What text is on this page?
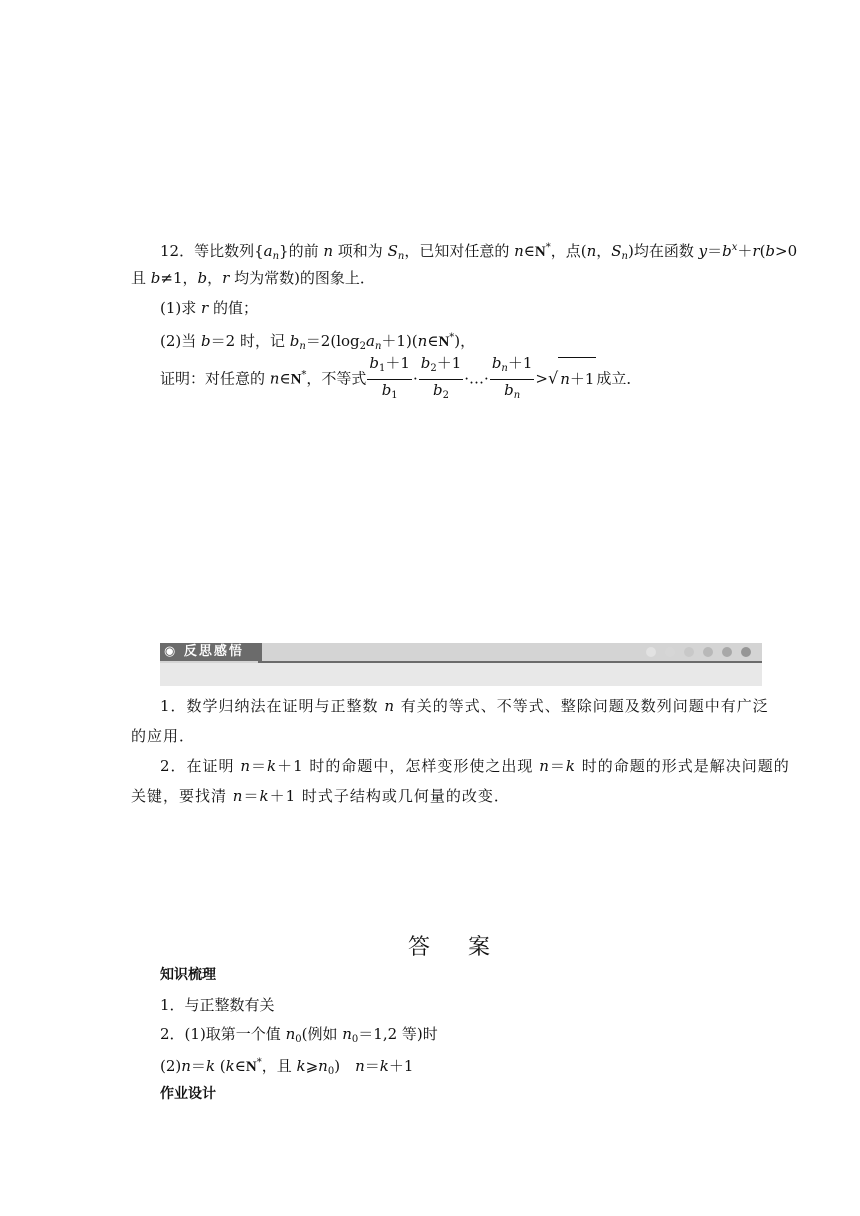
12．等比数列$\{a_n\}$的前 n 项和为 $S_n$，已知对任意的 n∈N*，点(n，$S_n$)均在函数 $y=b^x+r(b>0$
且 b≠1，b，r 均为常数)的图象上．
(1)求 r 的值；
(2)当 b＝2 时，记 $b_n=2(\log_2a_n+1)(n\in N^*)$，
证明：对任意的 n∈N*，不等式 $\frac{b_1+1}{b_1} \cdot \frac{b_2+1}{b_2}$ ·…· $\frac{b_n+1}{b_n}$ >√ n＋1 成立．
◉ 反思感悟
1．数学归纳法在证明与正整数 n 有关的等式、不等式、整除问题及数列问题中有广泛
的应用．
2．在证明 n＝k＋1 时的命题中，怎样变形使之出现 n＝k 时的命题的形式是解决问题的
关键，要找清 n＝k＋1 时式子结构或几何量的改变．
答案
知识梳理
1．与正整数有关
2．(1)取第一个值 $n_0$(例如 $n_0=1,2$ 等)时
(2)n＝k (k∈N*，且 $k⩾n_0$)　n＝k＋1
作业设计
